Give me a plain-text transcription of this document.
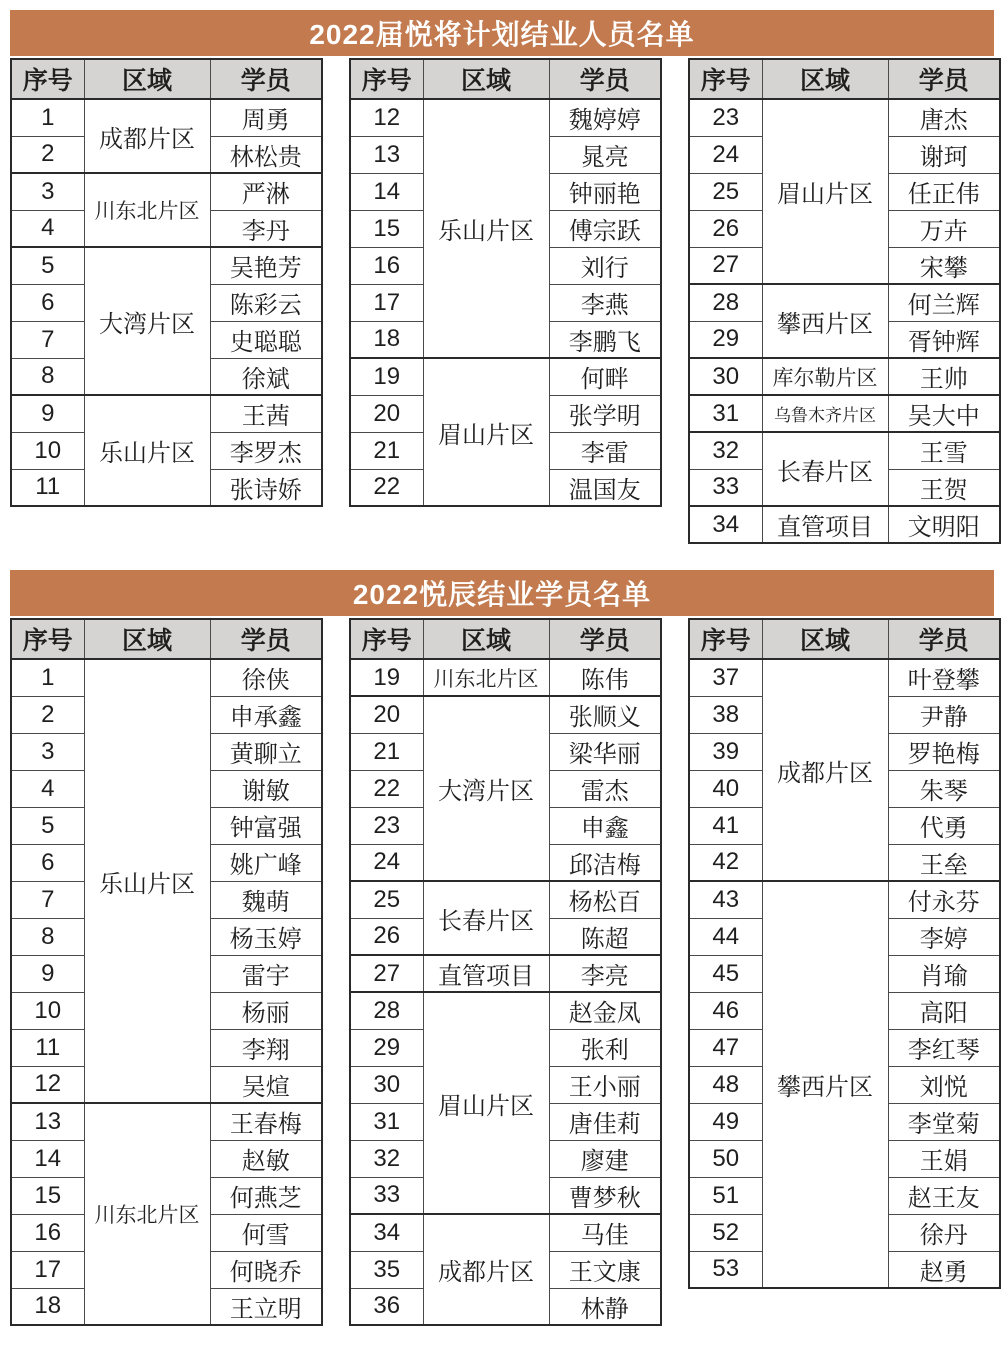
2022届悦将计划结业人员名单
序号	区域	学员
1	成都片区	周勇
2		林松贵
3	川东北片区	严淋
4		李丹
5	大湾片区	吴艳芳
6		陈彩云
7		史聪聪
8		徐斌
9	乐山片区	王茜
10		李罗杰
11		张诗娇
序号	区域	学员
12	乐山片区	魏婷婷
13		晁亮
14		钟丽艳
15		傅宗跃
16		刘行
17		李燕
18		李鹏飞
19	眉山片区	何畔
20		张学明
21		李雷
22		温国友
序号	区域	学员
23	眉山片区	唐杰
24		谢珂
25		任正伟
26		万卉
27		宋攀
28	攀西片区	何兰辉
29		胥钟辉
30	库尔勒片区	王帅
31	乌鲁木齐片区	吴大中
32	长春片区	王雪
33		王贺
34	直管项目	文明阳
2022悦辰结业学员名单
序号	区域	学员
1	乐山片区	徐侠
2		申承鑫
3		黄聊立
4		谢敏
5		钟富强
6		姚广峰
7		魏萌
8		杨玉婷
9		雷宇
10		杨丽
11		李翔
12		吴煊
13	川东北片区	王春梅
14		赵敏
15		何燕芝
16		何雪
17		何晓乔
18		王立明
序号	区域	学员
19	川东北片区	陈伟
20	大湾片区	张顺义
21		梁华丽
22		雷杰
23		申鑫
24		邱洁梅
25	长春片区	杨松百
26		陈超
27	直管项目	李亮
28	眉山片区	赵金凤
29		张利
30		王小丽
31		唐佳莉
32		廖建
33		曹梦秋
34	成都片区	马佳
35		王文康
36		林静
序号	区域	学员
37	成都片区	叶登攀
38		尹静
39		罗艳梅
40		朱琴
41		代勇
42		王垒
43	攀西片区	付永芬
44		李婷
45		肖瑜
46		高阳
47		李红琴
48		刘悦
49		李堂菊
50		王娟
51		赵王友
52		徐丹
53		赵勇
